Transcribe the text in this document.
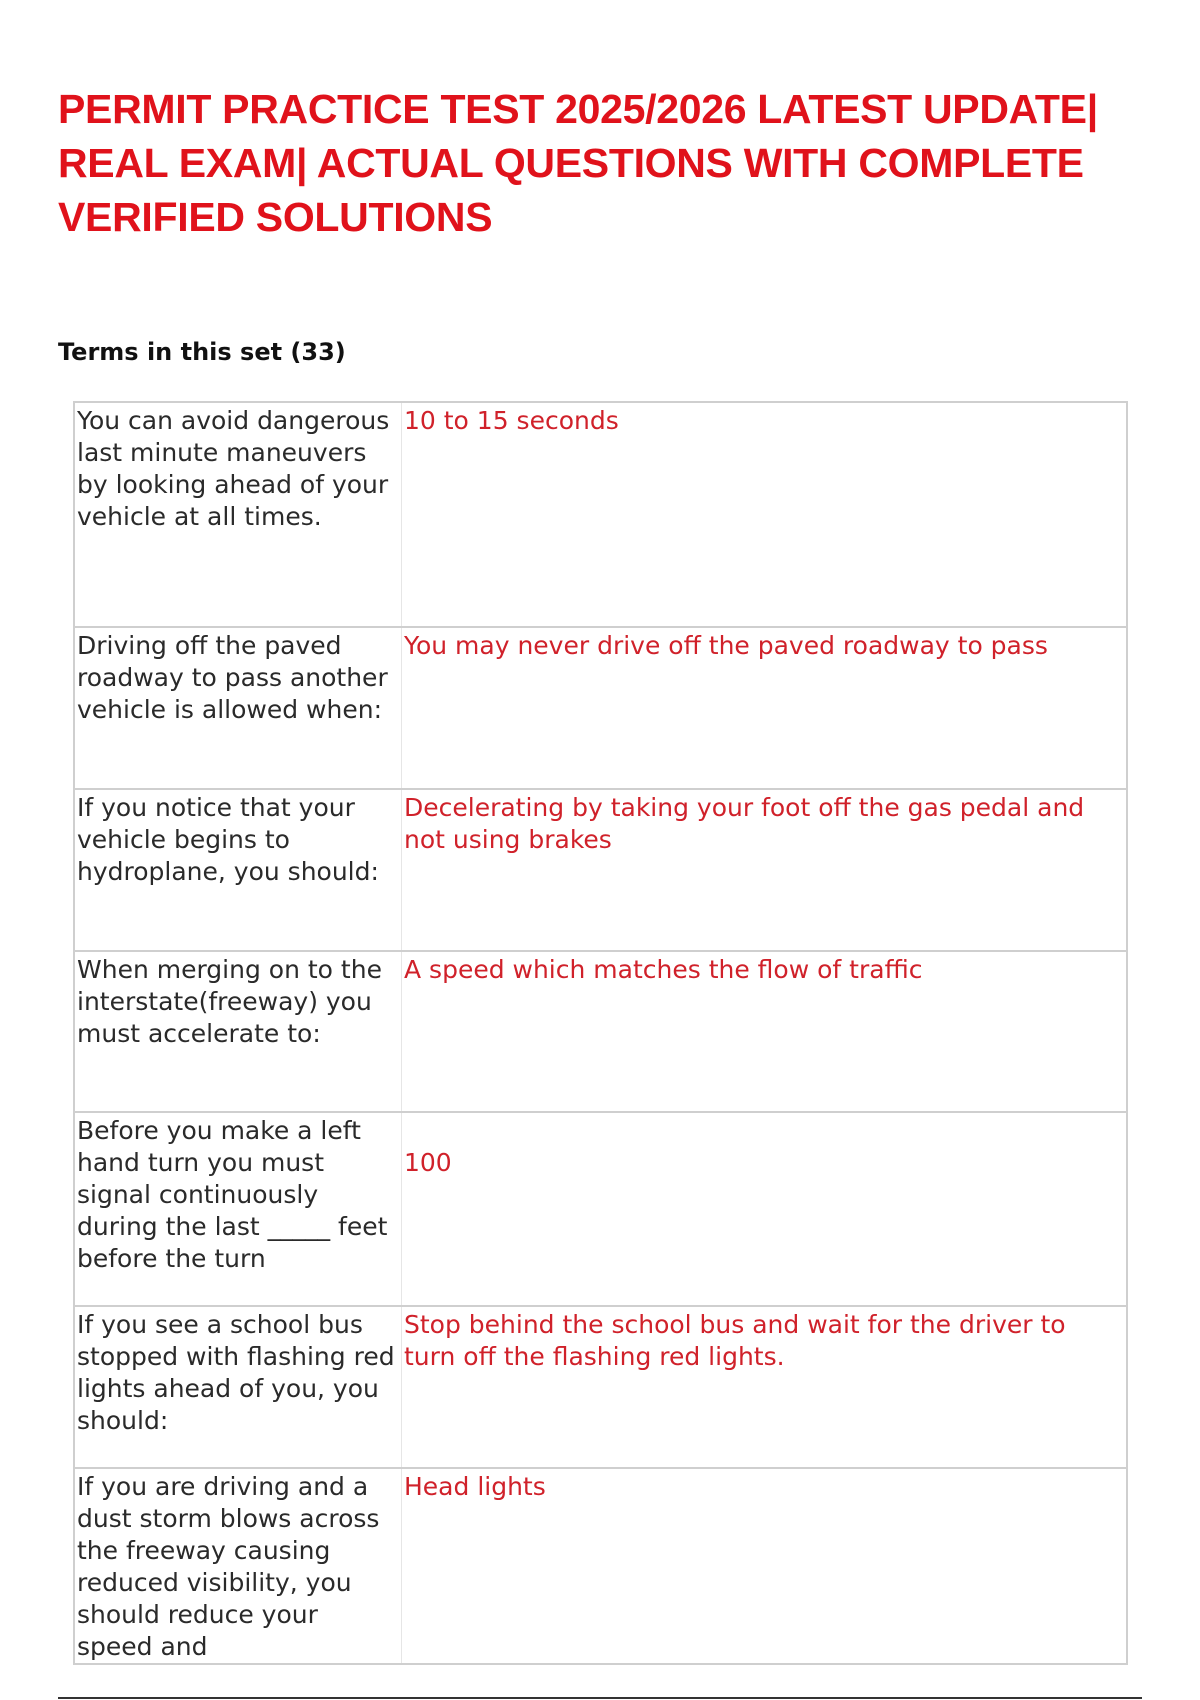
PERMIT PRACTICE TEST 2025/2026 LATEST UPDATE| REAL EXAM| ACTUAL QUESTIONS WITH COMPLETE VERIFIED SOLUTIONS
Terms in this set (33)
You can avoid dangerous last minute maneuvers by looking ahead of your vehicle at all times.	10 to 15 seconds
Driving off the paved roadway to pass another vehicle is allowed when:	You may never drive off the paved roadway to pass
If you notice that your vehicle begins to hydroplane, you should:	Decelerating by taking your foot off the gas pedal and not using brakes
When merging on to the interstate(freeway) you must accelerate to:	A speed which matches the flow of traffic
Before you make a left hand turn you must signal continuously during the last _____ feet before the turn	100
If you see a school bus stopped with flashing red lights ahead of you, you should:	Stop behind the school bus and wait for the driver to turn off the flashing red lights.
If you are driving and a dust storm blows across the freeway causing reduced visibility, you should reduce your speed and	Head lights
